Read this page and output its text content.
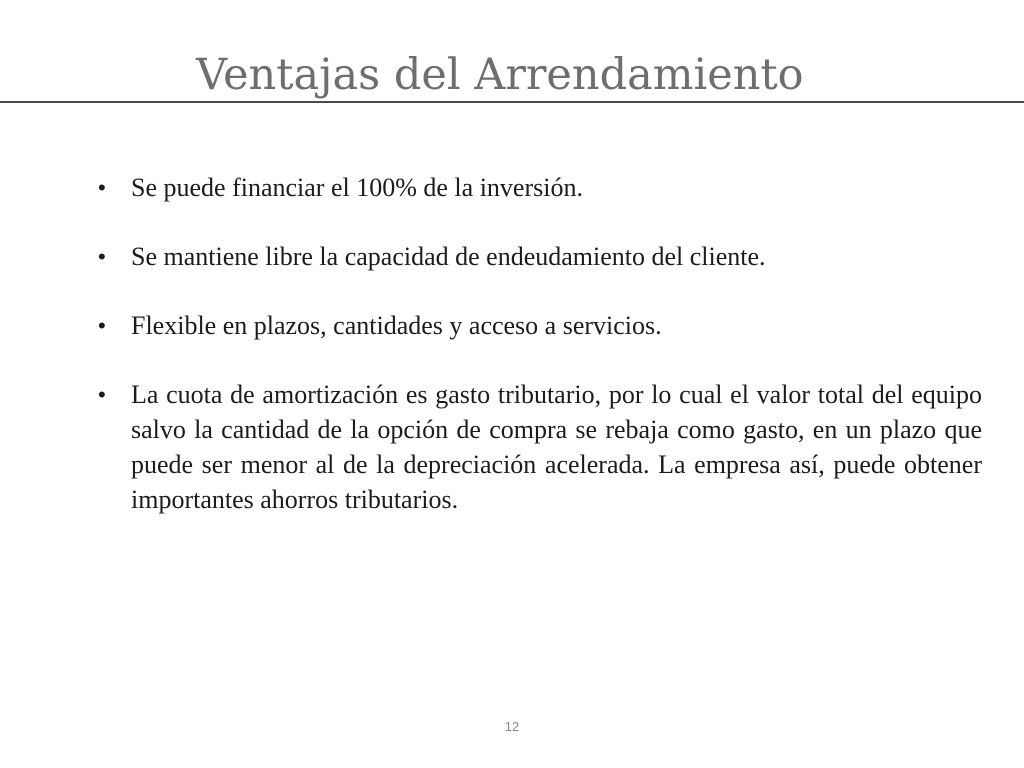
Ventajas del Arrendamiento
• Se puede financiar el 100% de la inversión.
• Se mantiene libre la capacidad de endeudamiento del cliente.
• Flexible en plazos, cantidades y acceso a servicios.
• La cuota de amortización es gasto tributario, por lo cual el valor total del equipo salvo la cantidad de la opción de compra se rebaja como gasto, en un plazo que puede ser menor al de la depreciación acelerada. La empresa así, puede obtener importantes ahorros tributarios.
12
